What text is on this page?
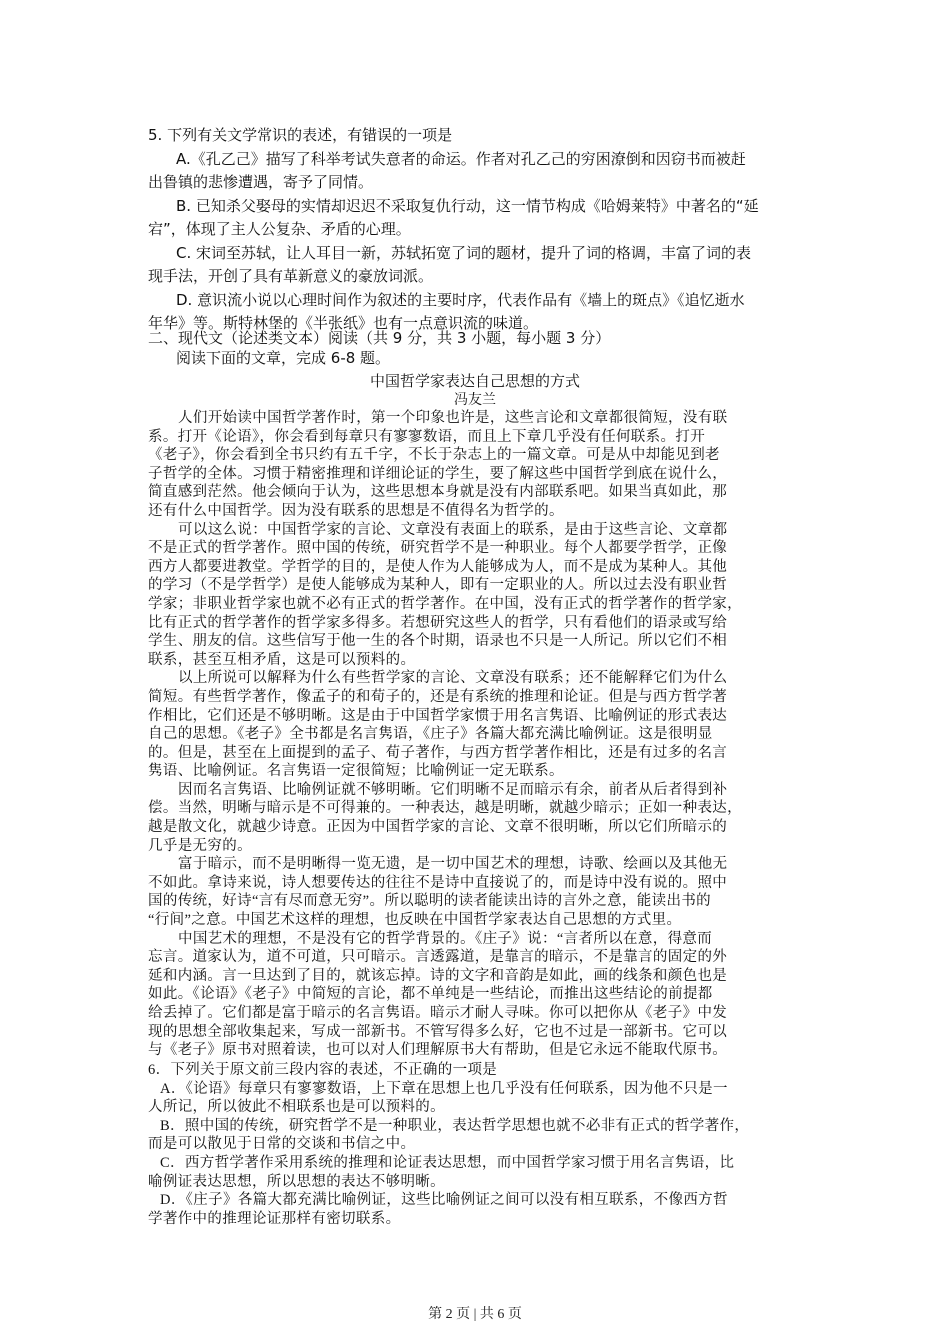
5. 下列有关文学常识的表述，有错误的一项是
A.《孔乙己》描写了科举考试失意者的命运。作者对孔乙己的穷困潦倒和因窃书而被赶
出鲁镇的悲惨遭遇，寄予了同情。
B. 已知杀父娶母的实情却迟迟不采取复仇行动，这一情节构成《哈姆莱特》中著名的“延
宕”，体现了主人公复杂、矛盾的心理。
C. 宋词至苏轼，让人耳目一新，苏轼拓宽了词的题材，提升了词的格调，丰富了词的表
现手法，开创了具有革新意义的豪放词派。
D. 意识流小说以心理时间作为叙述的主要时序，代表作品有《墙上的斑点》《追忆逝水
年华》等。斯特林堡的《半张纸》也有一点意识流的味道。
二、现代文（论述类文本）阅读（共 9 分，共 3 小题，每小题 3 分）
阅读下面的文章，完成 6-8 题。
中国哲学家表达自己思想的方式
冯友兰
人们开始读中国哲学著作时，第一个印象也许是，这些言论和文章都很简短，没有联
系。打开《论语》，你会看到每章只有寥寥数语，而且上下章几乎没有任何联系。打开
《老子》，你会看到全书只约有五千字，不长于杂志上的一篇文章。可是从中却能见到老
子哲学的全体。习惯于精密推理和详细论证的学生，要了解这些中国哲学到底在说什么，
简直感到茫然。他会倾向于认为，这些思想本身就是没有内部联系吧。如果当真如此，那
还有什么中国哲学。因为没有联系的思想是不值得名为哲学的。
可以这么说：中国哲学家的言论、文章没有表面上的联系，是由于这些言论、文章都
不是正式的哲学著作。照中国的传统，研究哲学不是一种职业。每个人都要学哲学，正像
西方人都要进教堂。学哲学的目的，是使人作为人能够成为人，而不是成为某种人。其他
的学习（不是学哲学）是使人能够成为某种人，即有一定职业的人。所以过去没有职业哲
学家；非职业哲学家也就不必有正式的哲学著作。在中国，没有正式的哲学著作的哲学家，
比有正式的哲学著作的哲学家多得多。若想研究这些人的哲学，只有看他们的语录或写给
学生、朋友的信。这些信写于他一生的各个时期，语录也不只是一人所记。所以它们不相
联系，甚至互相矛盾，这是可以预料的。
以上所说可以解释为什么有些哲学家的言论、文章没有联系；还不能解释它们为什么
简短。有些哲学著作，像孟子的和荀子的，还是有系统的推理和论证。但是与西方哲学著
作相比，它们还是不够明晰。这是由于中国哲学家惯于用名言隽语、比喻例证的形式表达
自己的思想。《老子》全书都是名言隽语，《庄子》各篇大都充满比喻例证。这是很明显
的。但是，甚至在上面提到的孟子、荀子著作，与西方哲学著作相比，还是有过多的名言
隽语、比喻例证。名言隽语一定很简短；比喻例证一定无联系。
因而名言隽语、比喻例证就不够明晰。它们明晰不足而暗示有余，前者从后者得到补
偿。当然，明晰与暗示是不可得兼的。一种表达，越是明晰，就越少暗示；正如一种表达，
越是散文化，就越少诗意。正因为中国哲学家的言论、文章不很明晰，所以它们所暗示的
几乎是无穷的。
富于暗示，而不是明晰得一览无遗，是一切中国艺术的理想，诗歌、绘画以及其他无
不如此。拿诗来说，诗人想要传达的往往不是诗中直接说了的，而是诗中没有说的。照中
国的传统，好诗“言有尽而意无穷”。所以聪明的读者能读出诗的言外之意，能读出书的
“行间”之意。中国艺术这样的理想，也反映在中国哲学家表达自己思想的方式里。
中国艺术的理想，不是没有它的哲学背景的。《庄子》说：“言者所以在意，得意而
忘言。道家认为，道不可道，只可暗示。言透露道，是靠言的暗示，不是靠言的固定的外
延和内涵。言一旦达到了目的，就该忘掉。诗的文字和音韵是如此，画的线条和颜色也是
如此。《论语》《老子》中简短的言论，都不单纯是一些结论，而推出这些结论的前提都
给丢掉了。它们都是富于暗示的名言隽语。暗示才耐人寻味。你可以把你从《老子》中发
现的思想全部收集起来，写成一部新书。不管写得多么好，它也不过是一部新书。它可以
与《老子》原书对照着读，也可以对人们理解原书大有帮助，但是它永远不能取代原书。
6．下列关于原文前三段内容的表述，不正确的一项是
A．《论语》每章只有寥寥数语，上下章在思想上也几乎没有任何联系，因为他不只是一
人所记，所以彼此不相联系也是可以预料的。
B．照中国的传统，研究哲学不是一种职业，表达哲学思想也就不必非有正式的哲学著作，
而是可以散见于日常的交谈和书信之中。
C．西方哲学著作采用系统的推理和论证表达思想，而中国哲学家习惯于用名言隽语，比
喻例证表达思想，所以思想的表达不够明晰。
D．《庄子》各篇大都充满比喻例证，这些比喻例证之间可以没有相互联系，不像西方哲
学著作中的推理论证那样有密切联系。
第 2 页 | 共 6 页
